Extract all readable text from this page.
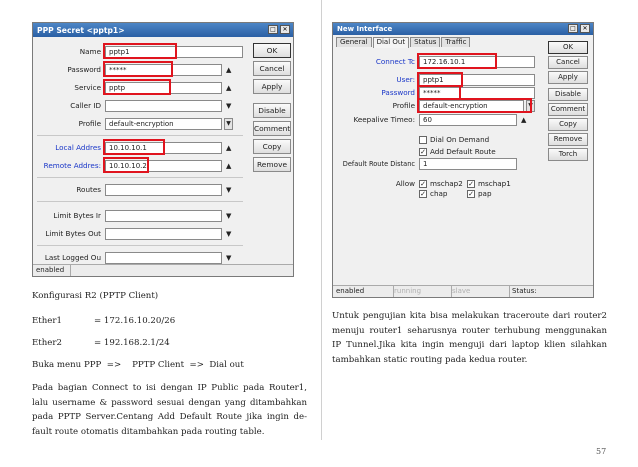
PPP Secret <pptp1>	□	✕
Name	pptp1
Password	*****	▲
Service	pptp	▲
Caller ID	▼
Profile	default-encryption	▼
Local Addres	10.10.10.1	▲
Remote Addres:	10.10.10.2	▲
Routes	▼
Limit Bytes Ir	▼
Limit Bytes Out	▼
Last Logged Ou	▼
OK
Cancel
Apply
Disable
Comment
Copy
Remove
enabled
Konfigurasi R2 (PPTP Client)
Ether1	= 172.16.10.20/26
Ether2	= 192.168.2.1/24
Buka menu PPP  =>    PPTP Client  =>  Dial out
Pada bagian Connect to isi dengan IP Public pada Router1,
lalu username & password sesuai dengan yang ditambahkan
pada PPTP Server.Centang Add Default Route jika ingin de-
fault route otomatis ditambahkan pada routing table.
New Interface	□	✕
General	Dial Out	Status	Traffic
Connect Tc	172.16.10.1
User:	pptp1
Password	*****
Profile	default-encryption	▼
Keepalive Timeo:	60	▲
Dial On Demand
✓ Add Default Route
Default Route Distanc	1
Allow ✓ mschap2 ✓ mschap1
✓ chap	✓ pap
OK
Cancel
Apply
Disable
Comment
Copy
Remove
Torch
enabled	running	slave	Status:
Untuk pengujian kita bisa melakukan traceroute dari router2
menuju router1 seharusnya router terhubung menggunakan
IP Tunnel.Jika kita ingin menguji dari laptop klien silahkan
tambahkan static routing pada kedua router.
57
